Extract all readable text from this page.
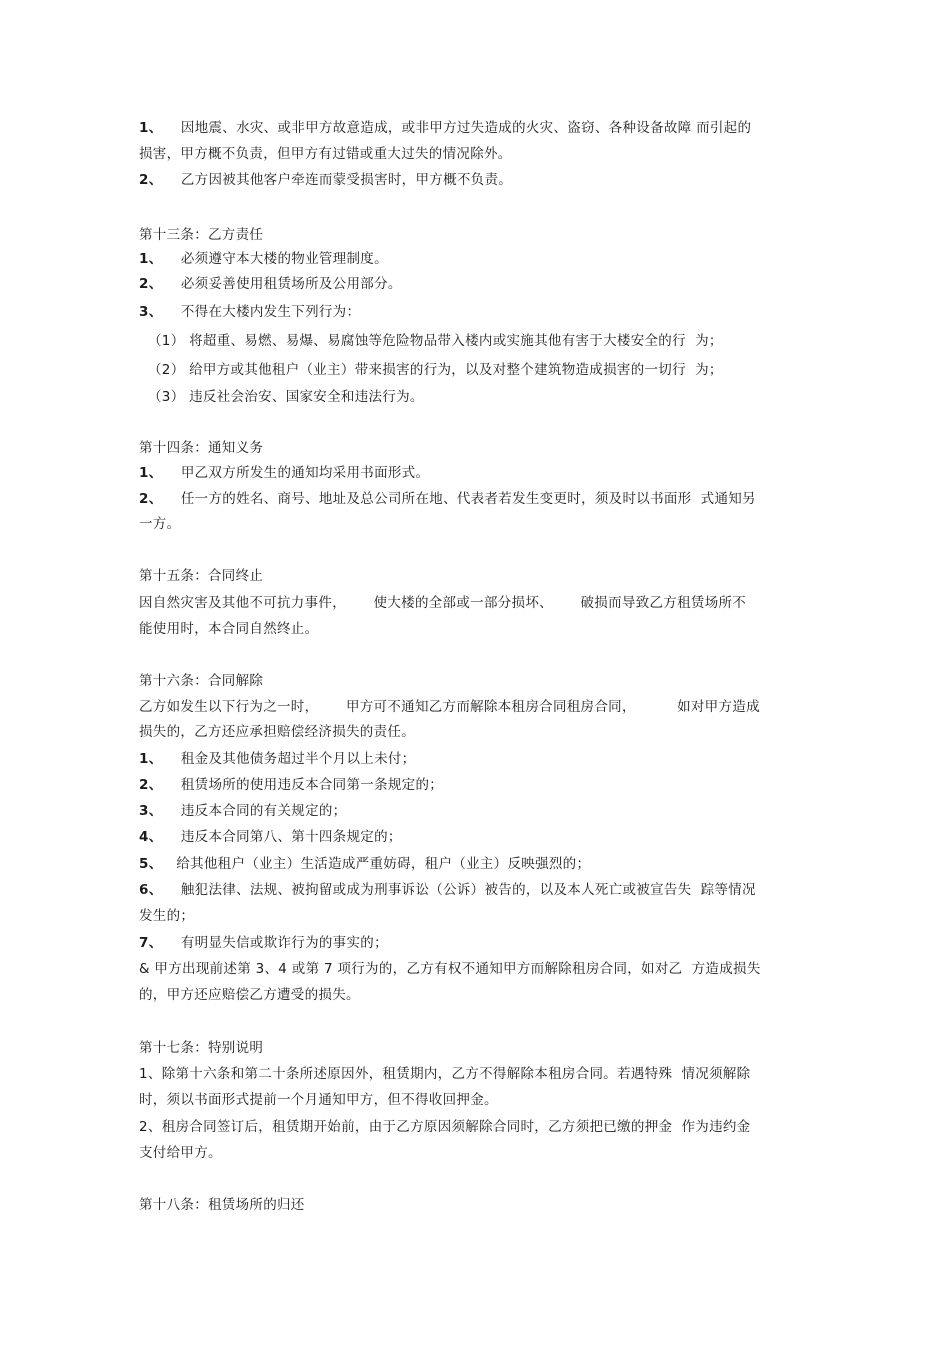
1、 因地震、水灾、或非甲方故意造成，或非甲方过失造成的火灾、盗窃、各种设备故障 而引起的
损害，甲方概不负责，但甲方有过错或重大过失的情况除外。
2、 乙方因被其他客户牵连而蒙受损害时，甲方概不负责。
第十三条：乙方责任
1、 必须遵守本大楼的物业管理制度。
2、 必须妥善使用租赁场所及公用部分。
3、 不得在大楼内发生下列行为：
（1） 将超重、易燃、易爆、易腐蚀等危险物品带入楼内或实施其他有害于大楼安全的行  为；
（2） 给甲方或其他租户（业主）带来损害的行为，以及对整个建筑物造成损害的一切行  为；
（3） 违反社会治安、国家安全和违法行为。
第十四条：通知义务
1、 甲乙双方所发生的通知均采用书面形式。
2、 任一方的姓名、商号、地址及总公司所在地、代表者若发生变更时，须及时以书面形  式通知另
一方。
第十五条：合同终止
因自然灾害及其他不可抗力事件，      使大楼的全部或一部分损坏、      破损而导致乙方租赁场所不
能使用时，本合同自然终止。
第十六条：合同解除
乙方如发生以下行为之一时，      甲方可不通知乙方而解除本租房合同租房合同，         如对甲方造成
损失的，乙方还应承担赔偿经济损失的责任。
1、 租金及其他债务超过半个月以上未付；
2、 租赁场所的使用违反本合同第一条规定的；
3、 违反本合同的有关规定的；
4、 违反本合同第八、第十四条规定的；
5、 给其他租户（业主）生活造成严重妨碍，租户（业主）反映强烈的；
6、 触犯法律、法规、被拘留或成为刑事诉讼（公诉）被告的，以及本人死亡或被宣告失  踪等情况
发生的；
7、 有明显失信或欺诈行为的事实的；
& 甲方出现前述第 3、4 或第 7 项行为的，乙方有权不通知甲方而解除租房合同，如对乙  方造成损失
的，甲方还应赔偿乙方遭受的损失。
第十七条：特别说明
1、除第十六条和第二十条所述原因外，租赁期内，乙方不得解除本租房合同。若遇特殊  情况须解除
时，须以书面形式提前一个月通知甲方，但不得收回押金。
2、租房合同签订后，租赁期开始前，由于乙方原因须解除合同时，乙方须把已缴的押金  作为违约金
支付给甲方。
第十八条：租赁场所的归还
